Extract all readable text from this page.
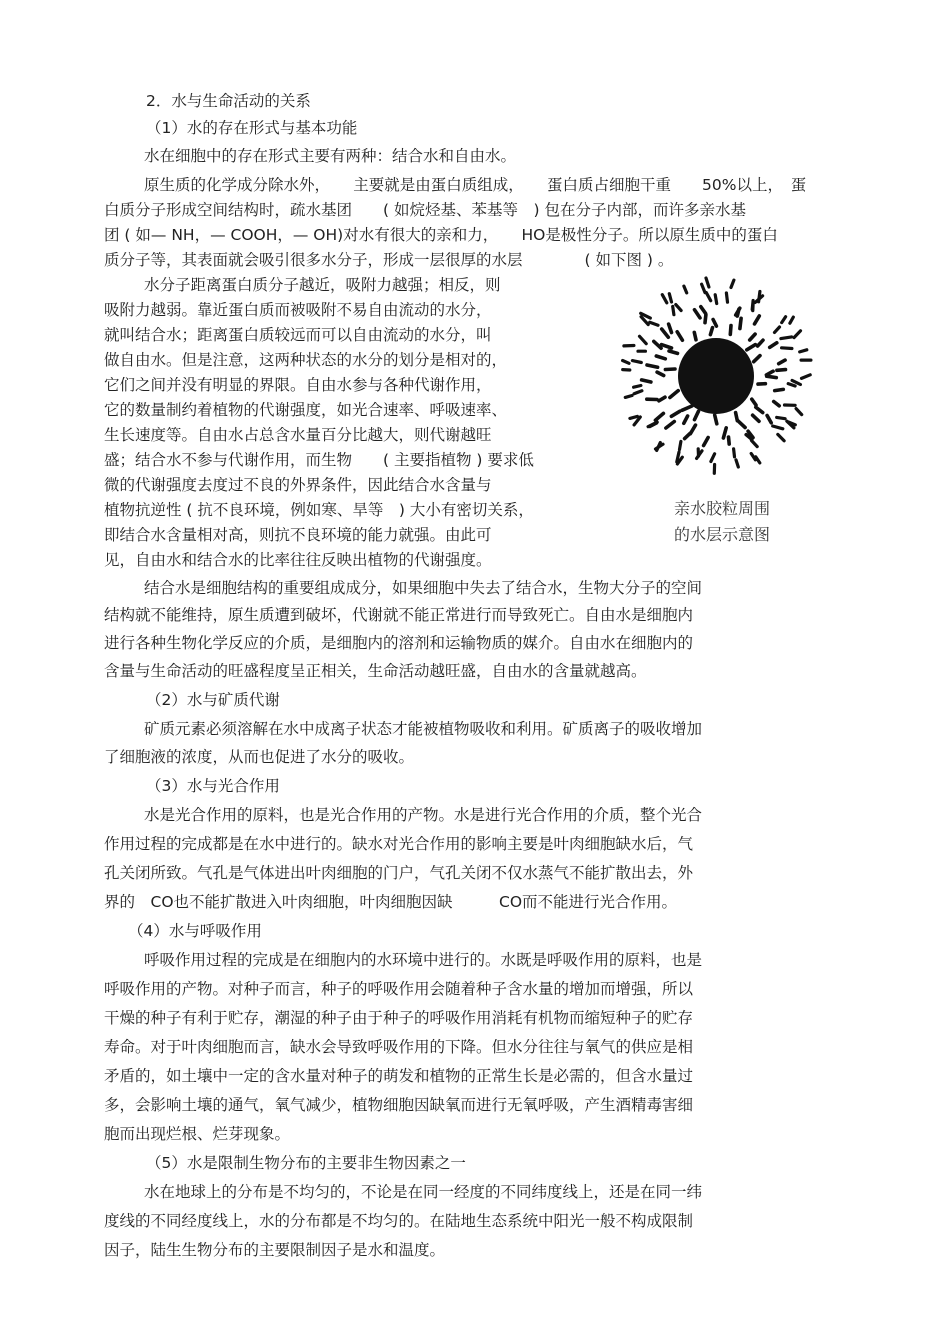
2．水与生命活动的关系
（1）水的存在形式与基本功能
水在细胞中的存在形式主要有两种：结合水和自由水。
原生质的化学成分除水外，　　主要就是由蛋白质组成，　　蛋白质占细胞干重　　50%以上，　蛋
白质分子形成空间结构时，疏水基团　　( 如烷烃基、苯基等　) 包在分子内部，而许多亲水基
团 ( 如— NH，— COOH，— OH)对水有很大的亲和力，　　HO是极性分子。所以原生质中的蛋白
质分子等，其表面就会吸引很多水分子，形成一层很厚的水层　　　　( 如下图 ) 。
水分子距离蛋白质分子越近，吸附力越强；相反，则
吸附力越弱。靠近蛋白质而被吸附不易自由流动的水分，
就叫结合水；距离蛋白质较远而可以自由流动的水分，叫
做自由水。但是注意，这两种状态的水分的划分是相对的，
它们之间并没有明显的界限。自由水参与各种代谢作用，
它的数量制约着植物的代谢强度，如光合速率、呼吸速率、
生长速度等。自由水占总含水量百分比越大，则代谢越旺
盛；结合水不参与代谢作用，而生物　　( 主要指植物 ) 要求低
微的代谢强度去度过不良的外界条件，因此结合水含量与
植物抗逆性 ( 抗不良环境，例如寒、旱等　) 大小有密切关系，
即结合水含量相对高，则抗不良环境的能力就强。由此可
见，自由水和结合水的比率往往反映出植物的代谢强度。
结合水是细胞结构的重要组成成分，如果细胞中失去了结合水，生物大分子的空间
结构就不能维持，原生质遭到破坏，代谢就不能正常进行而导致死亡。自由水是细胞内
进行各种生物化学反应的介质，是细胞内的溶剂和运输物质的媒介。自由水在细胞内的
含量与生命活动的旺盛程度呈正相关，生命活动越旺盛，自由水的含量就越高。
（2）水与矿质代谢
矿质元素必须溶解在水中成离子状态才能被植物吸收和利用。矿质离子的吸收增加
了细胞液的浓度，从而也促进了水分的吸收。
（3）水与光合作用
水是光合作用的原料，也是光合作用的产物。水是进行光合作用的介质，整个光合
作用过程的完成都是在水中进行的。缺水对光合作用的影响主要是叶肉细胞缺水后，气
孔关闭所致。气孔是气体进出叶肉细胞的门户，气孔关闭不仅水蒸气不能扩散出去，外
界的　CO也不能扩散进入叶肉细胞，叶肉细胞因缺　　　CO而不能进行光合作用。
（4）水与呼吸作用
呼吸作用过程的完成是在细胞内的水环境中进行的。水既是呼吸作用的原料，也是
呼吸作用的产物。对种子而言，种子的呼吸作用会随着种子含水量的增加而增强，所以
干燥的种子有利于贮存，潮湿的种子由于种子的呼吸作用消耗有机物而缩短种子的贮存
寿命。对于叶肉细胞而言，缺水会导致呼吸作用的下降。但水分往往与氧气的供应是相
矛盾的，如土壤中一定的含水量对种子的萌发和植物的正常生长是必需的，但含水量过
多，会影响土壤的通气，氧气减少，植物细胞因缺氧而进行无氧呼吸，产生酒精毒害细
胞而出现烂根、烂芽现象。
（5）水是限制生物分布的主要非生物因素之一
水在地球上的分布是不均匀的，不论是在同一经度的不同纬度线上，还是在同一纬
度线的不同经度线上，水的分布都是不均匀的。在陆地生态系统中阳光一般不构成限制
因子，陆生生物分布的主要限制因子是水和温度。
亲水胶粒周围
的水层示意图
